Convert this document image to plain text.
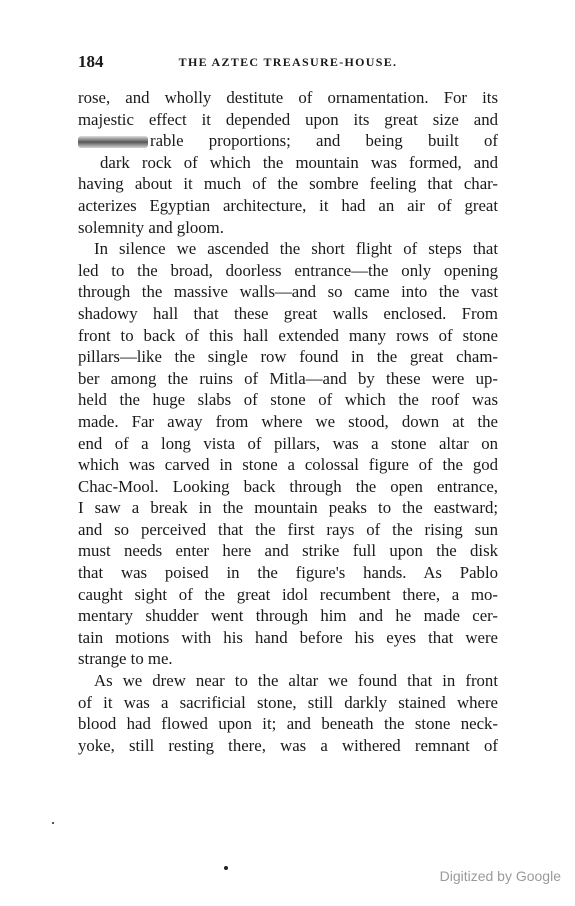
184	THE AZTEC TREASURE-HOUSE.
rose, and wholly destitute of ornamentation. For its
majestic effect it depended upon its great size and
rable proportions; and being built of
dark rock of which the mountain was formed, and
having about it much of the sombre feeling that char-
acterizes Egyptian architecture, it had an air of great
solemnity and gloom.
In silence we ascended the short flight of steps that
led to the broad, doorless entrance—the only opening
through the massive walls—and so came into the vast
shadowy hall that these great walls enclosed. From
front to back of this hall extended many rows of stone
pillars—like the single row found in the great cham-
ber among the ruins of Mitla—and by these were up-
held the huge slabs of stone of which the roof was
made. Far away from where we stood, down at the
end of a long vista of pillars, was a stone altar on
which was carved in stone a colossal figure of the god
Chac-Mool. Looking back through the open entrance,
I saw a break in the mountain peaks to the eastward;
and so perceived that the first rays of the rising sun
must needs enter here and strike full upon the disk
that was poised in the figure's hands. As Pablo
caught sight of the great idol recumbent there, a mo-
mentary shudder went through him and he made cer-
tain motions with his hand before his eyes that were
strange to me.
As we drew near to the altar we found that in front
of it was a sacrificial stone, still darkly stained where
blood had flowed upon it; and beneath the stone neck-
yoke, still resting there, was a withered remnant of
Digitized by Google
